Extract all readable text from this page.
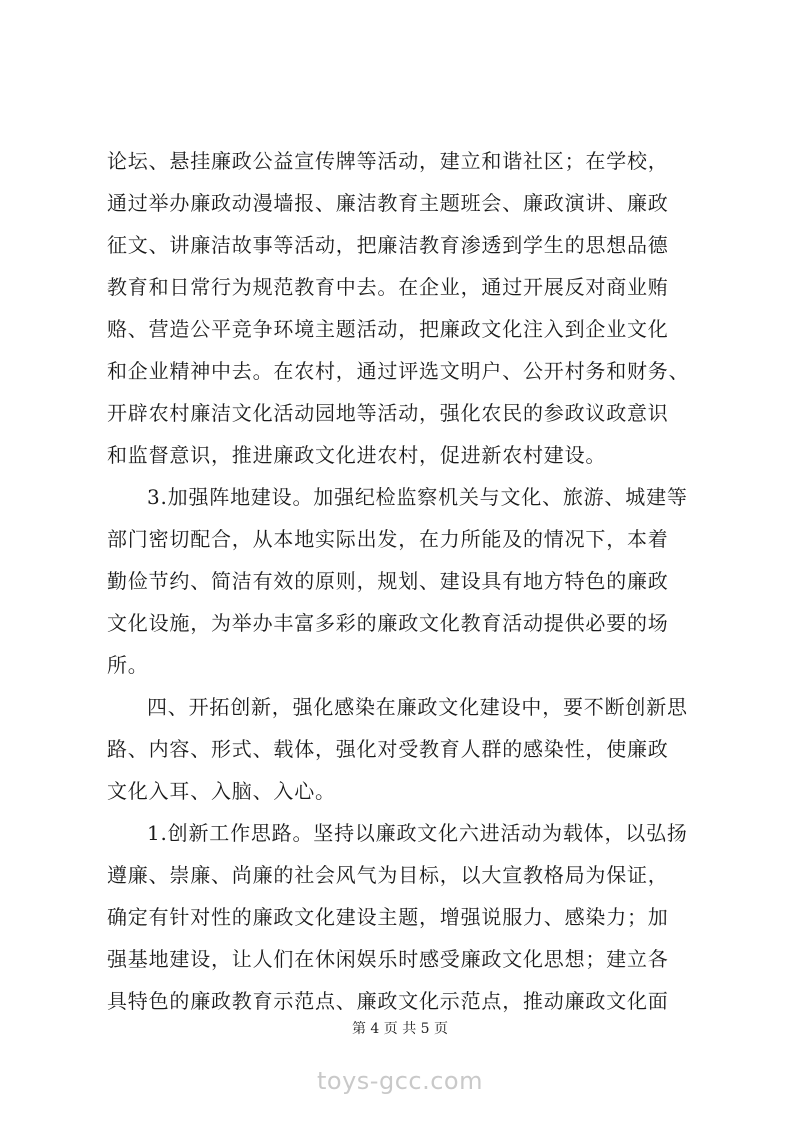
论坛、悬挂廉政公益宣传牌等活动，建立和谐社区；在学校，
通过举办廉政动漫墙报、廉洁教育主题班会、廉政演讲、廉政
征文、讲廉洁故事等活动，把廉洁教育渗透到学生的思想品德
教育和日常行为规范教育中去。在企业，通过开展反对商业贿
赂、营造公平竞争环境主题活动，把廉政文化注入到企业文化
和企业精神中去。在农村，通过评选文明户、公开村务和财务、
开辟农村廉洁文化活动园地等活动，强化农民的参政议政意识
和监督意识，推进廉政文化进农村，促进新农村建设。
3.加强阵地建设。加强纪检监察机关与文化、旅游、城建等
部门密切配合，从本地实际出发，在力所能及的情况下，本着
勤俭节约、简洁有效的原则，规划、建设具有地方特色的廉政
文化设施，为举办丰富多彩的廉政文化教育活动提供必要的场
所。
四、开拓创新，强化感染在廉政文化建设中，要不断创新思
路、内容、形式、载体，强化对受教育人群的感染性，使廉政
文化入耳、入脑、入心。
1.创新工作思路。坚持以廉政文化六进活动为载体，以弘扬
遵廉、崇廉、尚廉的社会风气为目标，以大宣教格局为保证，
确定有针对性的廉政文化建设主题，增强说服力、感染力；加
强基地建设，让人们在休闲娱乐时感受廉政文化思想；建立各
具特色的廉政教育示范点、廉政文化示范点，推动廉政文化面
第 4 页 共 5 页
toys-gcc.com
